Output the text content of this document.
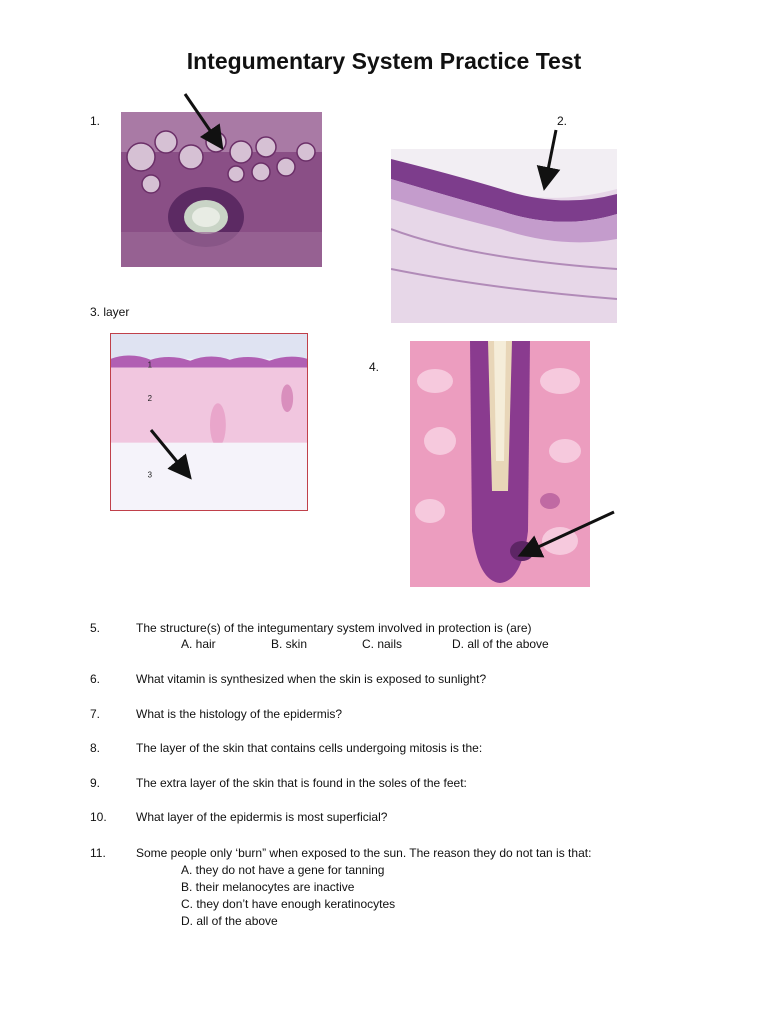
Integumentary System Practice Test
1.	2.
3. layer
1
2
3
4.
5.	The structure(s) of the integumentary system involved in protection is (are)
A. hair	B. skin	C. nails	D. all of the above
6.	What vitamin is synthesized when the skin is exposed to sunlight?
7.	What is the histology of the epidermis?
8.	The layer of the skin that contains cells undergoing mitosis is the:
9.	The extra layer of the skin that is found in the soles of the feet:
10. What layer of the epidermis is most superficial?
11.	Some people only ‘burn” when exposed to the sun. The reason they do not tan is that:
A. they do not have a gene for tanning
B. their melanocytes are inactive
C. they don’t have enough keratinocytes
D. all of the above
